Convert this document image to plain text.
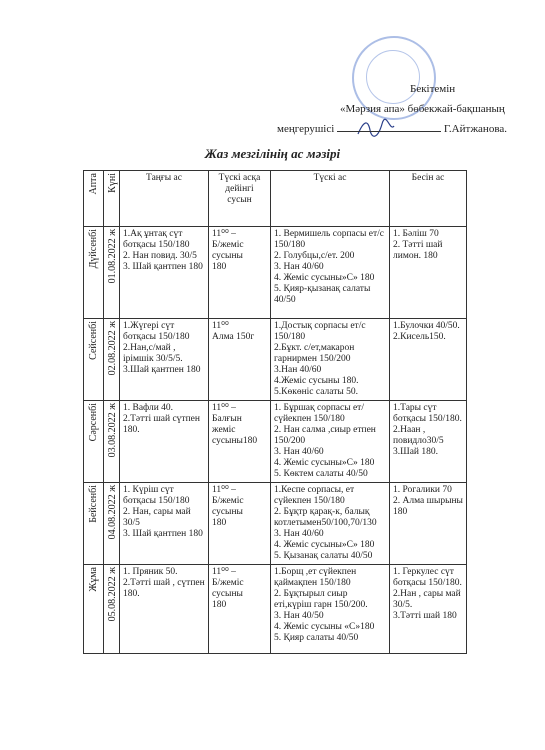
Бекітемін
«Мәрзия апа» бөбекжай-бақшаның
меңгерушісі	Г.Айтжанова.
Жаз мезгілінің ас мәзірі
Апта	Күні	Таңғы ас	Түскі асқа дейінгі сусын	Түскі ас	Бесін ас

Дүйсенбі	01.08.2022 ж	1.Ақ ұнтақ сүт ботқасы 150/180
2. Нан повид. 30/5
3. Шай қантпен 180	11⁰⁰ –
Б/жеміс
сусыны
180	1. Вермишель сорпасы ет/с 150/180
2. Голубцы,с/ет. 200
3. Нан 40/60
4. Жеміс сусыны»С» 180
5. Қияр-қызанақ салаты 40/50	1. Бәліш 70
2. Тәтті шай лимон. 180

Сейсенбі	02.08.2022 ж	1.Жүгері сүт ботқасы 150/180
2.Нан,с/май , ірімшік 30/5/5.
3.Шай қантпен 180	11⁰⁰
Алма 150г	1.Достық сорпасы ет/с 150/180
2.Бұкт. с/ет,макарон гарнирмен 150/200
3.Нан 40/60
4.Жеміс сусыны 180.
5.Көкөніс салаты 50.	1.Булочки 40/50.
2.Кисель150.

Сәрсенбі	03.08.2022 ж	1. Вафли 40.
2.Тәтті шай сүтпен 180.	11⁰⁰ –
Балғын
жеміс
сусыны180	1. Бұршақ сорпасы ет/сүйекпен 150/180
2. Нан салма ,сиыр етпен 150/200
3. Нан 40/60
4. Жеміс сусыны»С» 180
5. Көктем салаты 40/50	1.Тары сүт ботқасы 150/180.
2.Наан , повидло30/5
3.Шай 180.

Бейсенбі	04.08.2022 ж	1. Күріш сүт ботқасы 150/180
2. Нан, сары май 30/5
3. Шай қантпен 180	11⁰⁰ –
Б/жеміс
сусыны
180	1.Кеспе сорпасы, ет сүйекпен 150/180
2. Бұқтр қарақ-к, балық котлетымен50/100,70/130
3. Нан 40/60
4. Жеміс сусыны»С» 180
5. Қызанақ салаты 40/50	1. Рогалики 70
2. Алма шырыны 180

Жұма	05.08.2022 ж	1. Пряник 50.
2.Тәтті шай , сүтпен 180.	11⁰⁰ –
Б/жеміс
сусыны
180	1.Борщ ,ет сүйекпен қаймақпен 150/180
2. Бұқтырыл сиыр еті,күріш гарн 150/200.
3. Нан 40/50
4. Жеміс сусыны «С»180
5. Қияр салаты 40/50	1. Геркулес сүт ботқасы 150/180.
2.Нан , сары май 30/5.
3.Тәтті шай 180
